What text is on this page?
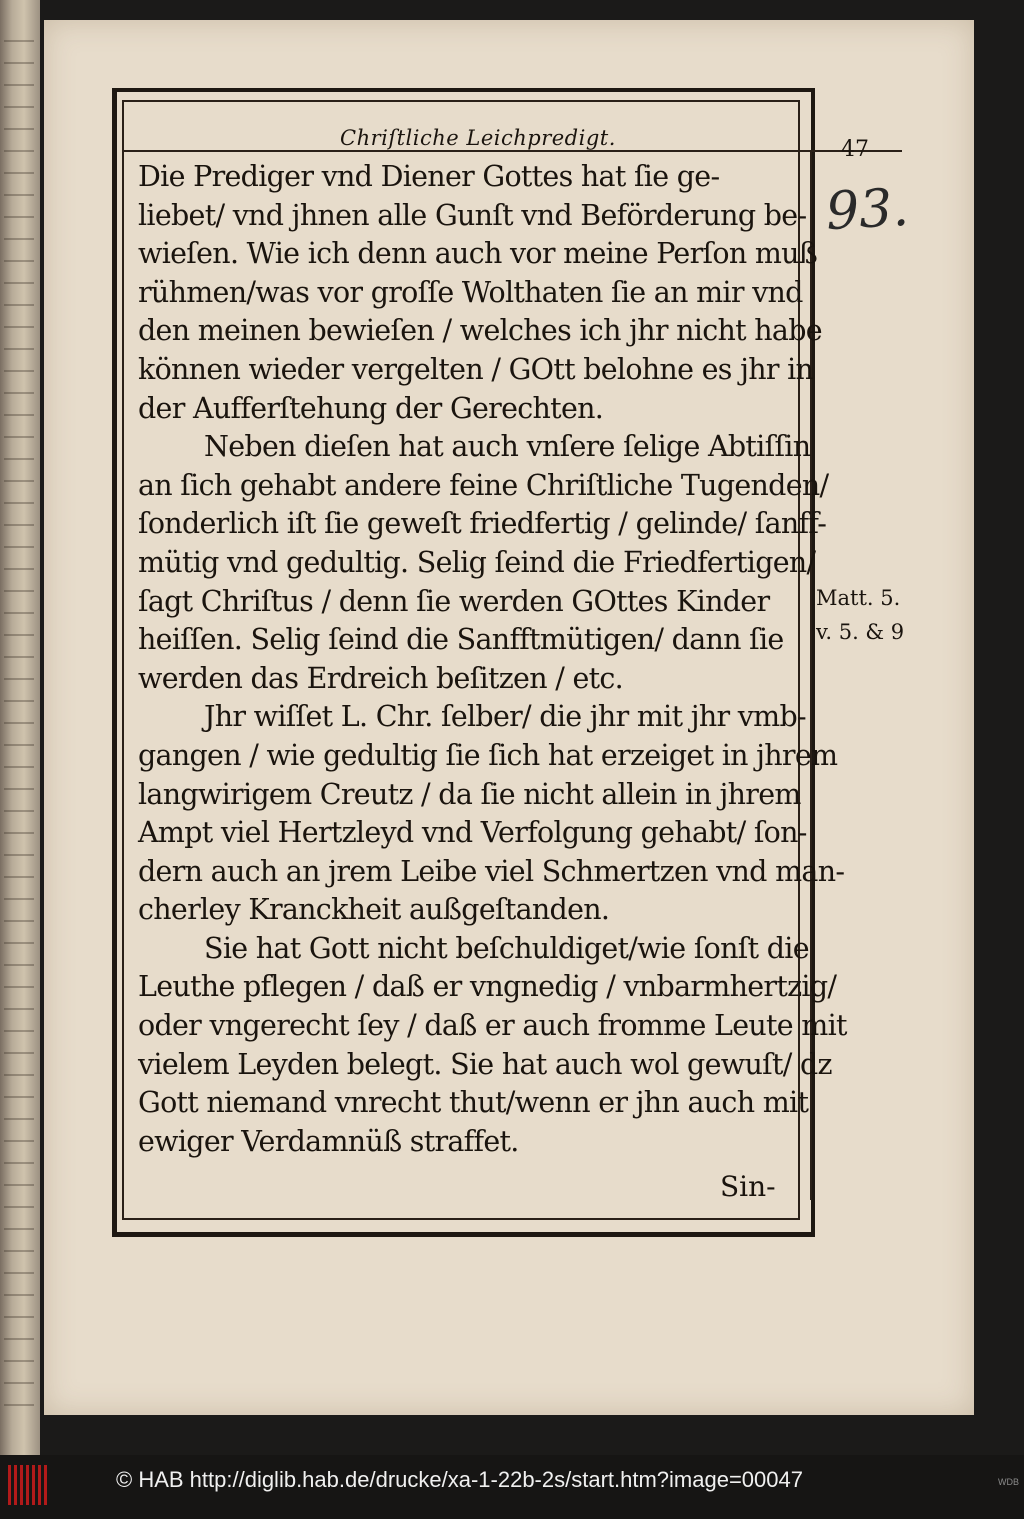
Chriſtliche Leichpredigt.	47
93.
Die Prediger vnd Diener Gottes hat ſie ge-
liebet/ vnd jhnen alle Gunſt vnd Beförderung be-
wieſen. Wie ich denn auch vor meine Perſon muß
rühmen/was vor groſſe Wolthaten ſie an mir vnd
den meinen bewieſen / welches ich jhr nicht habe
können wieder vergelten / GOtt belohne es jhr in
der Aufferſtehung der Gerechten.
Neben dieſen hat auch vnſere ſelige Abtiſſin
an ſich gehabt andere feine Chriſtliche Tugenden/
ſonderlich iſt ſie geweſt friedfertig / gelinde/ ſanff-
mütig vnd gedultig. Selig ſeind die Friedfertigen/
ſagt Chriſtus / denn ſie werden GOttes Kinder
heiſſen. Selig ſeind die Sanfftmütigen/ dann ſie
werden das Erdreich beſitzen / etc.
Jhr wiſſet L. Chr. ſelber/ die jhr mit jhr vmb-
gangen / wie gedultig ſie ſich hat erzeiget in jhrem
langwirigem Creutz / da ſie nicht allein in jhrem
Ampt viel Hertzleyd vnd Verfolgung gehabt/ ſon-
dern auch an jrem Leibe viel Schmertzen vnd man-
cherley Kranckheit außgeſtanden.
Sie hat Gott nicht beſchuldiget/wie ſonſt die
Leuthe pflegen / daß er vngnedig / vnbarmhertzig/
oder vngerecht ſey / daß er auch fromme Leute mit
vielem Leyden belegt. Sie hat auch wol gewuſt/ dz
Gott niemand vnrecht thut/wenn er jhn auch mit
ewiger Verdamnüß straffet.
Matt. 5.
v. 5. & 9
Sin-
© HAB http://diglib.hab.de/drucke/xa-1-22b-2s/start.htm?image=00047	WDB
